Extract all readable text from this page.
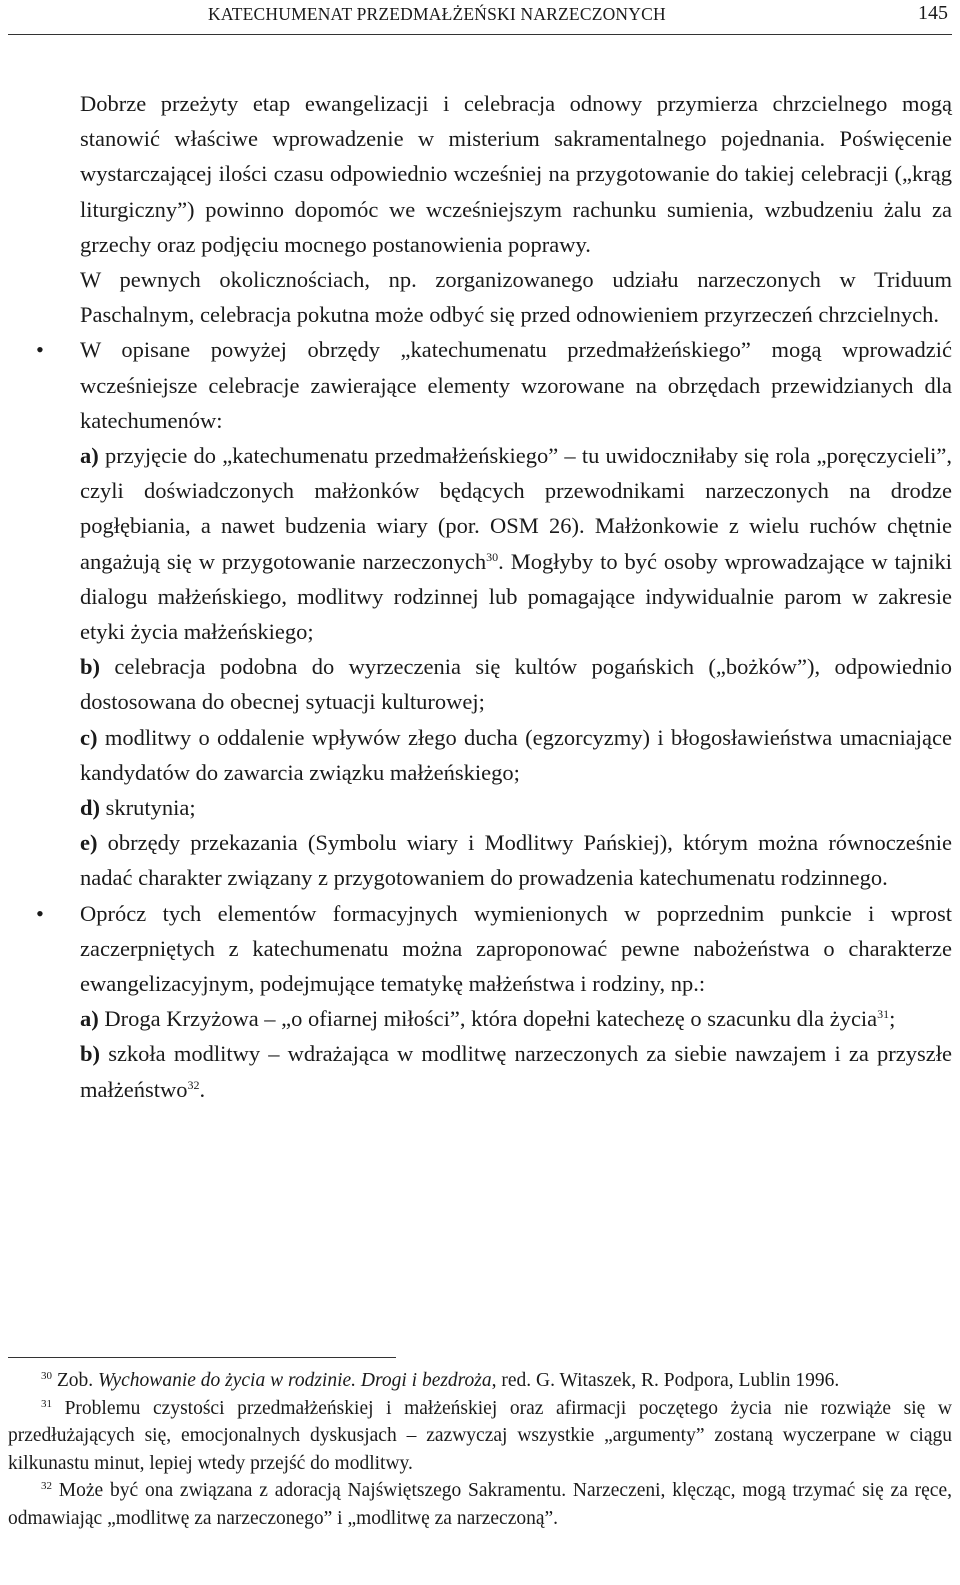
KATECHUMENAT PRZEDMAŁŻEŃSKI NARZECZONYCH	145

Dobrze przeżyty etap ewangelizacji i celebracja odnowy przymierza chrzcielnego mogą stanowić właściwe wprowadzenie w misterium sakramentalnego pojednania. Poświęcenie wystarczającej ilości czasu odpowiednio wcześniej na przygotowanie do takiej celebracji („krąg liturgiczny”) powinno dopomóc we wcześniejszym rachunku sumienia, wzbudzeniu żalu za grzechy oraz podjęciu mocnego postanowienia poprawy.

W pewnych okolicznościach, np. zorganizowanego udziału narzeczonych w Triduum Paschalnym, celebracja pokutna może odbyć się przed odnowieniem przyrzeczeń chrzcielnych.

• W opisane powyżej obrzędy „katechumenatu przedmałżeńskiego” mogą wprowadzić wcześniejsze celebracje zawierające elementy wzorowane na obrzędach przewidzianych dla katechumenów:

a) przyjęcie do „katechumenatu przedmałżeńskiego” – tu uwidoczniłaby się rola „poręczycieli”, czyli doświadczonych małżonków będących przewodnikami narzeczonych na drodze pogłębiania, a nawet budzenia wiary (por. OSM 26). Małżonkowie z wielu ruchów chętnie angażują się w przygotowanie narzeczonych$^{30}$. Mogłyby to być osoby wprowadzające w tajniki dialogu małżeńskiego, modlitwy rodzinnej lub pomagające indywidualnie parom w zakresie etyki życia małżeńskiego;

b) celebracja podobna do wyrzeczenia się kultów pogańskich („bożków”), odpowiednio dostosowana do obecnej sytuacji kulturowej;

c) modlitwy o oddalenie wpływów złego ducha (egzorcyzmy) i błogosławieństwa umacniające kandydatów do zawarcia związku małżeńskiego;

d) skrutynia;

e) obrzędy przekazania (Symbolu wiary i Modlitwy Pańskiej), którym można równocześnie nadać charakter związany z przygotowaniem do prowadzenia katechumenatu rodzinnego.

• Oprócz tych elementów formacyjnych wymienionych w poprzednim punkcie i wprost zaczerpniętych z katechumenatu można zaproponować pewne nabożeństwa o charakterze ewangelizacyjnym, podejmujące tematykę małżeństwa i rodziny, np.:

a) Droga Krzyżowa – „o ofiarnej miłości”, która dopełni katechezę o szacunku dla życia$^{31}$;

b) szkoła modlitwy – wdrażająca w modlitwę narzeczonych za siebie nawzajem i za przyszłe małżeństwo$^{32}$.

$^{30}$ Zob. Wychowanie do życia w rodzinie. Drogi i bezdroża, red. G. Witaszek, R. Podpora, Lublin 1996.

$^{31}$ Problemu czystości przedmałżeńskiej i małżeńskiej oraz afirmacji poczętego życia nie rozwiąże się w przedłużających się, emocjonalnych dyskusjach – zazwyczaj wszystkie „argumenty” zostaną wyczerpane w ciągu kilkunastu minut, lepiej wtedy przejść do modlitwy.

$^{32}$ Może być ona związana z adoracją Najświętszego Sakramentu. Narzeczeni, klęcząc, mogą trzymać się za ręce, odmawiając „modlitwę za narzeczonego” i „modlitwę za narzeczoną”.
